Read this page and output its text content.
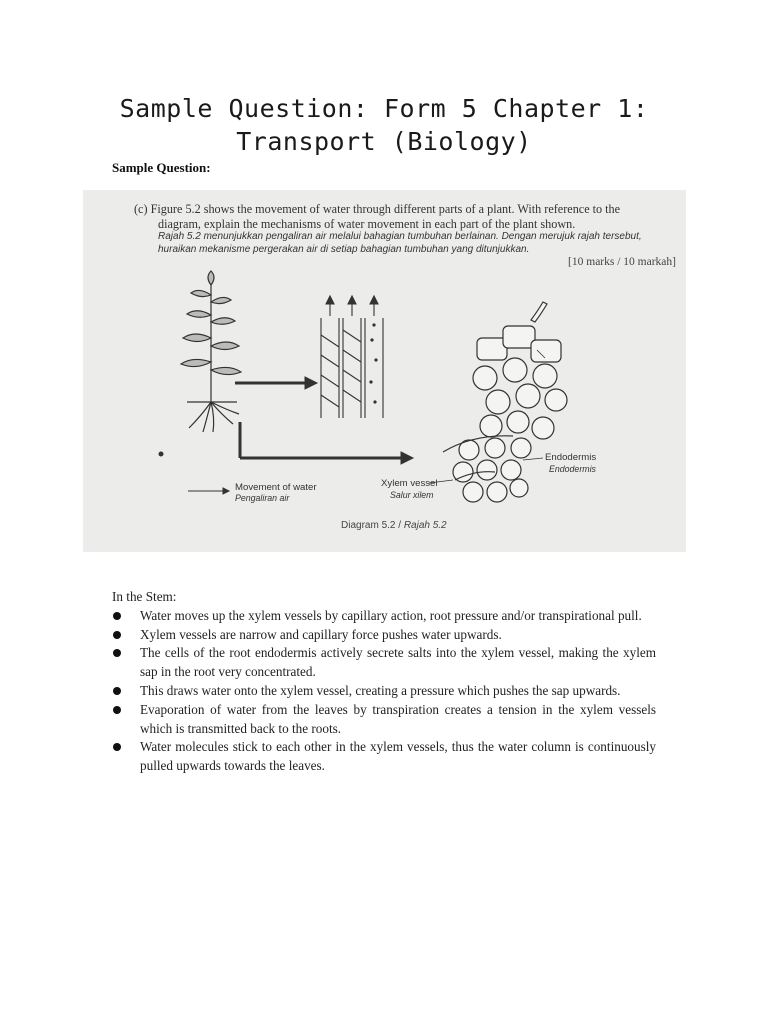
Sample Question: Form 5 Chapter 1:
Transport (Biology)
Sample Question:
(c) Figure 5.2 shows the movement of water through different parts of a plant. With reference to the
diagram, explain the mechanisms of water movement in each part of the plant shown.
Rajah 5.2 menunjukkan pengaliran air melalui bahagian tumbuhan berlainan. Dengan merujuk rajah tersebut,
huraikan mekanisme pergerakan air di setiap bahagian tumbuhan yang ditunjukkan.
[10 marks / 10 markah]
Movement of water
Pengaliran air
Xylem vessel
Salur xilem
Endodermis
Endodermis
Diagram 5.2 / Rajah 5.2
In the Stem:
Water moves up the xylem vessels by capillary action, root pressure and/or transpirational pull.
Xylem vessels are narrow and capillary force pushes water upwards.
The cells of the root endodermis actively secrete salts into the xylem vessel, making the xylem sap in the root very concentrated.
This draws water onto the xylem vessel, creating a pressure which pushes the sap upwards.
Evaporation of water from the leaves by transpiration creates a tension in the xylem vessels which is transmitted back to the roots.
Water molecules stick to each other in the xylem vessels, thus the water column is continuously pulled upwards towards the leaves.
